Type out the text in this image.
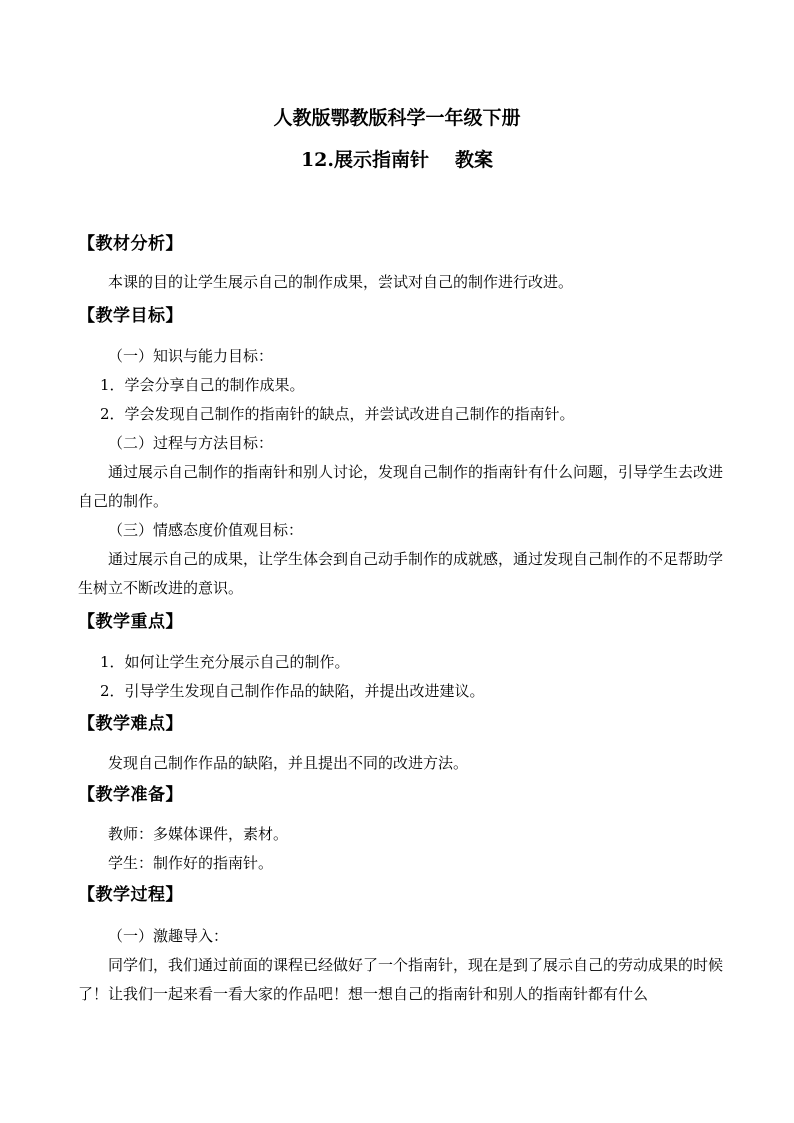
人教版鄂教版科学一年级下册
12.展示指南针 教案

【教材分析】

本课的目的让学生展示自己的制作成果，尝试对自己的制作进行改进。

【教学目标】

（一）知识与能力目标：

1．学会分享自己的制作成果。

2．学会发现自己制作的指南针的缺点，并尝试改进自己制作的指南针。

（二）过程与方法目标：

通过展示自己制作的指南针和别人讨论，发现自己制作的指南针有什么问题，引导学生去改进自己的制作。

（三）情感态度价值观目标：

通过展示自己的成果，让学生体会到自己动手制作的成就感，通过发现自己制作的不足帮助学生树立不断改进的意识。

【教学重点】

1．如何让学生充分展示自己的制作。

2．引导学生发现自己制作作品的缺陷，并提出改进建议。

【教学难点】

发现自己制作作品的缺陷，并且提出不同的改进方法。

【教学准备】

教师：多媒体课件，素材。

学生：制作好的指南针。

【教学过程】

（一）激趣导入：

同学们，我们通过前面的课程已经做好了一个指南针，现在是到了展示自己的劳动成果的时候了！让我们一起来看一看大家的作品吧！想一想自己的指南针和别人的指南针都有什么
